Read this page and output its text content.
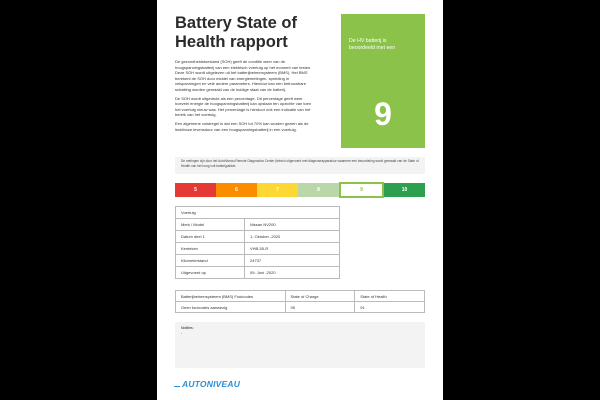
Battery State of Health rapport

De gezondheidstoestand (SOH) geeft de conditie weer van de hoogspanningsbatterij van een elektrisch voertuig op het moment van testen. Deze SOH wordt uitgelezen uit het batterijbeheersysteem (BMS). Het BMS berekent de SOH door middel van energiemetingen, spreiding in celspanningen en vele andere parameters. Hierdoor kan een betrouwbare schatting worden gemaakt van de huidige staat van de batterij.

De SOH wordt uitgedrukt als een percentage. Dit percentage geeft weer hoeveel energie de hoogspanningsbatterij kan opslaan ten opzichte van toen het voertuig nieuw was. Het percentage is hierdoor ook een indicatie van het bereik van het voertuig.

Een algemene vuistregel is dat een SOH tot 70% kan worden gezien als de leuktboze levensduur van een hoogspanningsbatterij in een voertuig.

De HV batterij is beoordeeld met een
9
De metingen zijn door het AutoNiveau Remote Diagnostics Center (telnich uitgevoerd met diagnoseapparatuur waarmee een beoordeling wordt gemaakt van de State of Health van het hoog volt batterijpakket.
5	6	7	8	9	10
Voertuig	
Merk / Model	Nissan NV200
Datum deel 1	1- Oktober -2020
Kenteken	VHB-55-R
Kilometerstand	24737
Uitgevoerd op	09- Juni -2020
Batterijbeheersysteem (BMS) Foutcodes	State of Charge	State of Health
Geen foutcodes aanwezig	95	91
Notities:
-
AUTONIVEAU
